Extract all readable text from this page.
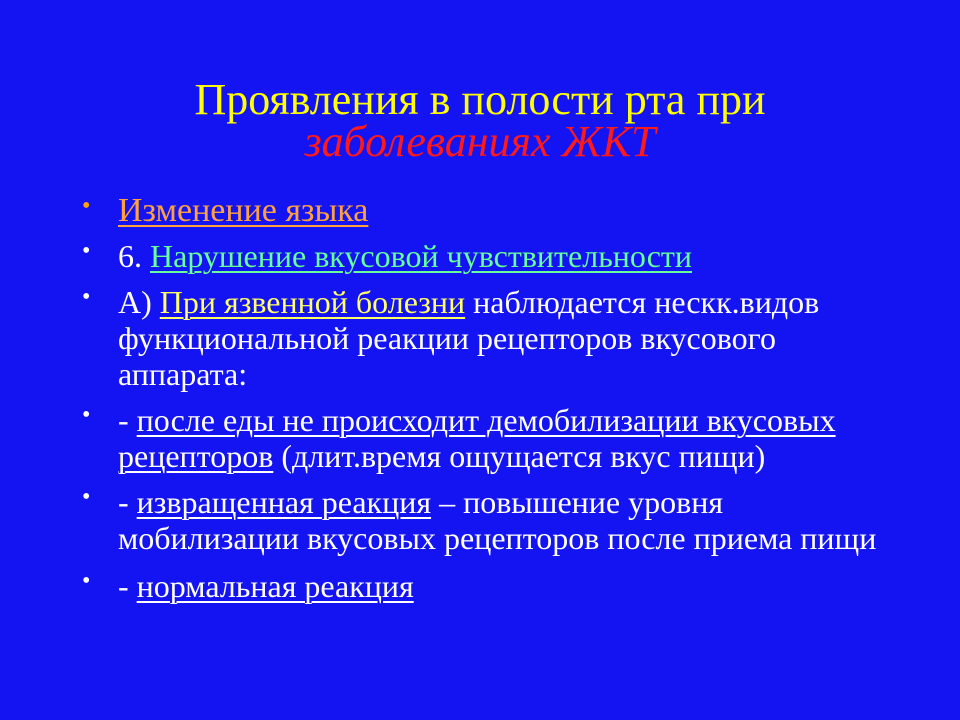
Проявления в полости рта при
заболеваниях ЖКТ
• Изменение языка
• 6. Нарушение вкусовой чувствительности
• А) При язвенной болезни наблюдается нескк.видов функциональной реакции рецепторов вкусового аппарата:
• - после еды не происходит демобилизации вкусовых рецепторов (длит.время ощущается вкус пищи)
• - извращенная реакция – повышение уровня мобилизации вкусовых рецепторов после приема пищи
• - нормальная реакция
